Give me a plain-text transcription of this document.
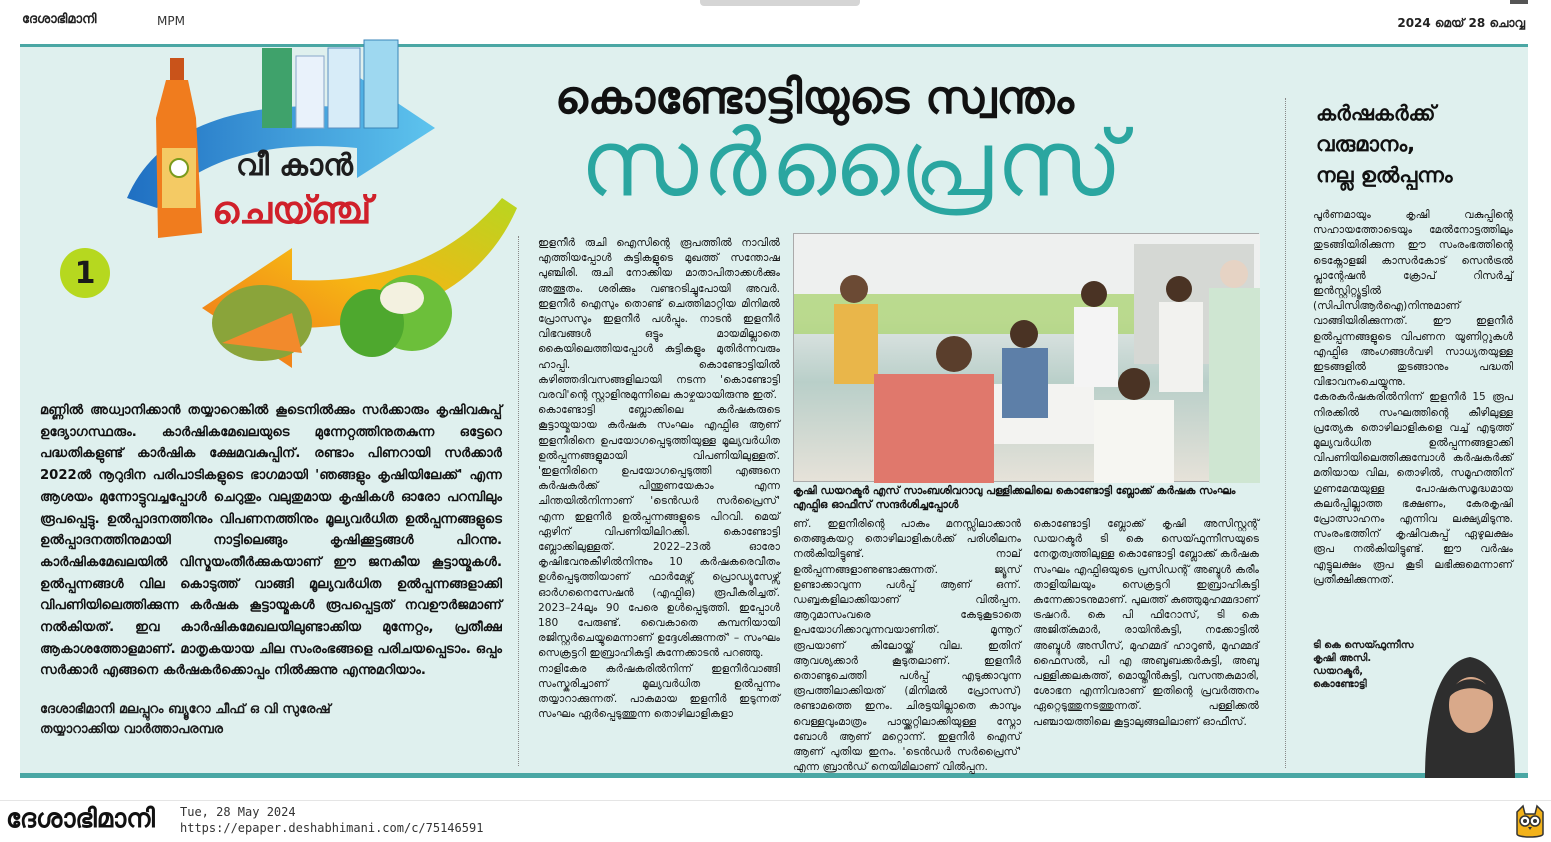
ദേശാഭിമാനി	MPM	2024 മെയ് 28 ചൊവ്വ
വീ കാൻ
ചെയ്ഞ്ച്
1
കൊണ്ടോട്ടിയുടെ സ്വന്തം
സർപ്രൈസ്
മണ്ണിൽ അധ്വാനിക്കാൻ തയ്യാറെങ്കിൽ കൂടെനിൽക്കും സർക്കാരും കൃഷിവകുപ്പ് ഉദ്യോഗസ്ഥരും. കാർഷികമേഖലയുടെ മുന്നേറ്റത്തിനുതകുന്ന ഒട്ടേറെ പദ്ധതികളുണ്ട് കാർഷിക ക്ഷേമവകുപ്പിന്. രണ്ടാം പിണറായി സർക്കാർ 2022ൽ നൂറുദിന പരിപാടികളുടെ ഭാഗമായി 'ഞങ്ങളും കൃഷിയിലേക്ക്' എന്ന ആശയം മുന്നോട്ടുവച്ചപ്പോൾ ചെറുതും വലുതുമായ കൃഷികൾ ഓരോ പറമ്പിലും രൂപപ്പെട്ടു. ഉൽപ്പാദനത്തിനും വിപണനത്തിനും മൂല്യവർധിത ഉൽപ്പന്നങ്ങളുടെ ഉൽപ്പാദനത്തിനുമായി നാട്ടിലെങ്ങും കൃഷിക്കൂട്ടങ്ങൾ പിറന്നു. കാർഷികമേഖലയിൽ വിസ്മയംതീർക്കുകയാണ് ഈ ജനകീയ കൂട്ടായ്മകൾ. ഉൽപ്പന്നങ്ങൾ വില കൊടുത്ത് വാങ്ങി മൂല്യവർധിത ഉൽപ്പന്നങ്ങളാക്കി വിപണിയിലെത്തിക്കുന്ന കർഷക കൂട്ടായ്മകൾ രൂപപ്പെട്ടത് നവഊർജമാണ് നൽകിയത്. ഇവ കാർഷികമേഖലയിലുണ്ടാക്കിയ മുന്നേറ്റം, പ്രതീക്ഷ ആകാശത്തോളമാണ്. മാതൃകയായ ചില സംരംഭങ്ങളെ പരിചയപ്പെടാം. ഒപ്പം സർക്കാർ എങ്ങനെ കർഷകർക്കൊപ്പം നിൽക്കുന്നു എന്നുമറിയാം.
ദേശാഭിമാനി മലപ്പുറം ബ്യൂറോ ചീഫ് ഒ വി സുരേഷ്
തയ്യാറാക്കിയ വാർത്താപരമ്പര
ഇളനീർ രുചി ഐസിന്റെ രൂപത്തിൽ നാവിൽ എത്തിയപ്പോൾ കുട്ടികളുടെ മുഖത്ത് സന്തോഷ പുഞ്ചിരി. രുചി നോക്കിയ മാതാപിതാക്കൾക്കും അത്ഭുതം. ശരിക്കും വണ്ടറടിച്ചുപോയി അവർ. ഇളനീർ ഐസും തൊണ്ട് ചെത്തിമാറ്റിയ മിനിമൽ പ്രോസസും ഇളനീർ പൾപ്പും. നാടൻ ഇളനീർ വിഭവങ്ങൾ ഒട്ടും മായമില്ലാതെ കൈയിലെത്തിയപ്പോൾ കുട്ടികളും മുതിർന്നവരും ഹാപ്പി. കൊണ്ടോട്ടിയിൽ കഴിഞ്ഞദിവസങ്ങളിലായി നടന്ന 'കൊണ്ടോട്ടി വരവി'ന്റെ സ്റ്റാളിനുമുന്നിലെ കാഴ്ചയായിരുന്നു ഇത്.
കൊണ്ടോട്ടി ബ്ലോക്കിലെ കർഷകരുടെ കൂട്ടായ്മയായ കർഷക സംഘം എഫ്പിഒ ആണ് ഇളനീരിനെ ഉപയോഗപ്പെടുത്തിയുള്ള മൂല്യവർധിത ഉൽപ്പന്നങ്ങളുമായി വിപണിയിലുള്ളത്. 'ഇളനീരിനെ ഉപയോഗപ്പെടുത്തി എങ്ങനെ കർഷകർക്ക് പിന്തുണയേകാം എന്ന ചിന്തയിൽനിന്നാണ് 'ടെൻഡർ സർപ്രൈസ്' എന്ന ഇളനീർ ഉൽപ്പന്നങ്ങളുടെ പിറവി. മെയ് ഏഴിന് വിപണിയിലിറക്കി. കൊണ്ടോട്ടി ബ്ലോക്കിലുള്ളത്. 2022–23ൽ ഓരോ കൃഷിഭവനുകീഴിൽനിന്നും 10 കർഷകരെവീതം ഉൾപ്പെടുത്തിയാണ് ഫാർമേഴ്സ് പ്രൊഡ്യൂസേഴ്സ് ഓർഗനൈസേഷൻ (എഫ്പിഒ) രൂപീകരിച്ചത്. 2023–24ലും 90 പേരെ ഉൾപ്പെടുത്തി. ഇപ്പോൾ 180 പേരുണ്ട്. വൈകാതെ കമ്പനിയായി രജിസ്റ്റർചെയ്യുമെന്നാണ് ഉദ്ദേശിക്കുന്നത്' – സംഘം സെക്രട്ടറി ഇബ്രാഹികുട്ടി കുന്നേക്കാടൻ പറഞ്ഞു.
നാളികേര കർഷകരിൽനിന്ന് ഇളനീർവാങ്ങി സംസ്കരിച്ചാണ് മൂല്യവർധിത ഉൽപ്പന്നം തയ്യാറാക്കുന്നത്. പാകമായ ഇളനീർ ഇടുന്നത് സംഘം ഏർപ്പെടുത്തുന്ന തൊഴിലാളികളാ
കൃഷി ഡയറക്ടർ എസ് സാംബശിവറാവു പള്ളിക്കലിലെ കൊണ്ടോട്ടി ബ്ലോക്ക് കർഷക സംഘം എഫ്പിഒ ഓഫീസ് സന്ദർശിച്ചപ്പോൾ
ണ്. ഇളനീരിന്റെ പാകം മനസ്സിലാക്കാൻ തെങ്ങുകയറ്റ തൊഴിലാളികൾക്ക് പരിശീലനം നൽകിയിട്ടുണ്ട്. നാല് ഉൽപ്പന്നങ്ങളാണുണ്ടാക്കുന്നത്. ജ്യൂസ് ഉണ്ടാക്കാവുന്ന പൾപ്പ് ആണ് ഒന്ന്. ഡബ്ബകളിലാക്കിയാണ് വിൽപ്പന. ആറുമാസംവരെ കേടുകൂടാതെ ഉപയോഗിക്കാവുന്നവയാണിത്. മൂന്നൂറ് രൂപയാണ് കിലോയ്ക്ക് വില. ഇതിന് ആവശ്യക്കാർ കൂടുതലാണ്. ഇളനീർ തൊണ്ടുചെത്തി പൾപ്പ് എടുക്കാവുന്ന രൂപത്തിലാക്കിയത് (മിനിമൽ പ്രോസസ്) രണ്ടാമത്തെ ഇനം. ചിരട്ടയില്ലാതെ കാമ്പും വെള്ളവുംമാത്രം പായ്ക്കറ്റിലാക്കിയുള്ള സ്നോ ബോൾ ആണ് മറ്റൊന്ന്. ഇളനീർ ഐസ് ആണ് പുതിയ ഇനം. 'ടെൻഡർ സർപ്രൈസ്' എന്ന ബ്രാൻഡ് നെയിമിലാണ് വിൽപ്പന.
കൊണ്ടോട്ടി ബ്ലോക്ക് കൃഷി അസിസ്റ്റന്റ് ഡയറക്ടർ ടി കെ സെയ്ഫുന്നീസയുടെ നേതൃത്വത്തിലുള്ള കൊണ്ടോട്ടി ബ്ലോക്ക് കർഷക സംഘം എഫ്പിഒയുടെ പ്രസിഡന്റ് അബ്ദുൾ കരീം താളിയിലയും സെക്രട്ടറി ഇബ്രാഹികുട്ടി കുന്നേക്കാടനുമാണ്. പുലത്ത് കുഞ്ഞുമുഹമ്മദാണ് ട്രഷറർ. കെ പി ഫിറോസ്, ടി കെ അജിത്കുമാർ, രായിൻകുട്ടി, നക്കോട്ടിൽ അബ്ദുൾ അസീസ്, മുഹമ്മദ് ഹാറൂൺ, മുഹമ്മദ് ഫൈസൽ, പി എ അബൂബക്കർകുട്ടി, അബു പള്ളിക്കലകത്ത്, മൊയ്തീൻകുട്ടി, വസന്തകുമാരി, ശോഭന എന്നിവരാണ് ഇതിന്റെ പ്രവർത്തനം ഏറ്റെടുത്തുനടത്തുന്നത്. പള്ളിക്കൽ പഞ്ചായത്തിലെ കൂട്ടാലുങ്ങലിലാണ് ഓഫീസ്.
കർഷകർക്ക്
വരുമാനം,
നല്ല ഉൽപ്പന്നം
പൂർണമായും കൃഷി വകുപ്പിന്റെ സഹായത്തോടെയും മേൽനോട്ടത്തിലും തുടങ്ങിയിരിക്കുന്ന ഈ സംരംഭത്തിന്റെ ടെക്നോളജി കാസർകോട് സെൻട്രൽ പ്ലാന്റേഷൻ ക്രോപ് റിസർച്ച് ഇൻസ്റ്റിറ്റ്യൂട്ടിൽ (സിപിസിആർഐ)നിന്നുമാണ് വാങ്ങിയിരിക്കുന്നത്. ഈ ഇളനീർ ഉൽപ്പന്നങ്ങളുടെ വിപണന യൂണിറ്റുകൾ എഫ്പിഒ അംഗങ്ങൾവഴി സാധ്യതയുള്ള ഇടങ്ങളിൽ തുടങ്ങാനും പദ്ധതി വിഭാവനംചെയ്യുന്നു.
കേരകർഷകരിൽനിന്ന് ഇളനീർ 15 രൂപ നിരക്കിൽ സംഘത്തിന്റെ കീഴിലുള്ള പ്രത്യേക തൊഴിലാളികളെ വച്ച് എടുത്ത് മൂല്യവർധിത ഉൽപ്പന്നങ്ങളാക്കി വിപണിയിലെത്തിക്കുമ്പോൾ കർഷകർക്ക് മതിയായ വില, തൊഴിൽ, സമൂഹത്തിന് ഗുണമേന്മയുള്ള പോഷകസമൃദ്ധമായ കലർപ്പില്ലാത്ത ഭക്ഷണം, കേരകൃഷി പ്രോത്സാഹനം എന്നിവ ലക്ഷ്യമിടുന്നു. സംരംഭത്തിന് കൃഷിവകുപ്പ് ഏഴുലക്ഷം രൂപ നൽകിയിട്ടുണ്ട്. ഈ വർഷം എട്ടുലക്ഷം രൂപ കൂടി ലഭിക്കുമെന്നാണ് പ്രതീക്ഷിക്കുന്നത്.
ടി കെ സെയ്ഫുന്നീസ
കൃഷി അസി. ഡയറക്ടർ,
കൊണ്ടോട്ടി
ദേശാഭിമാനി Tue, 28 May 2024
https://epaper.deshabhimani.com/c/75146591
